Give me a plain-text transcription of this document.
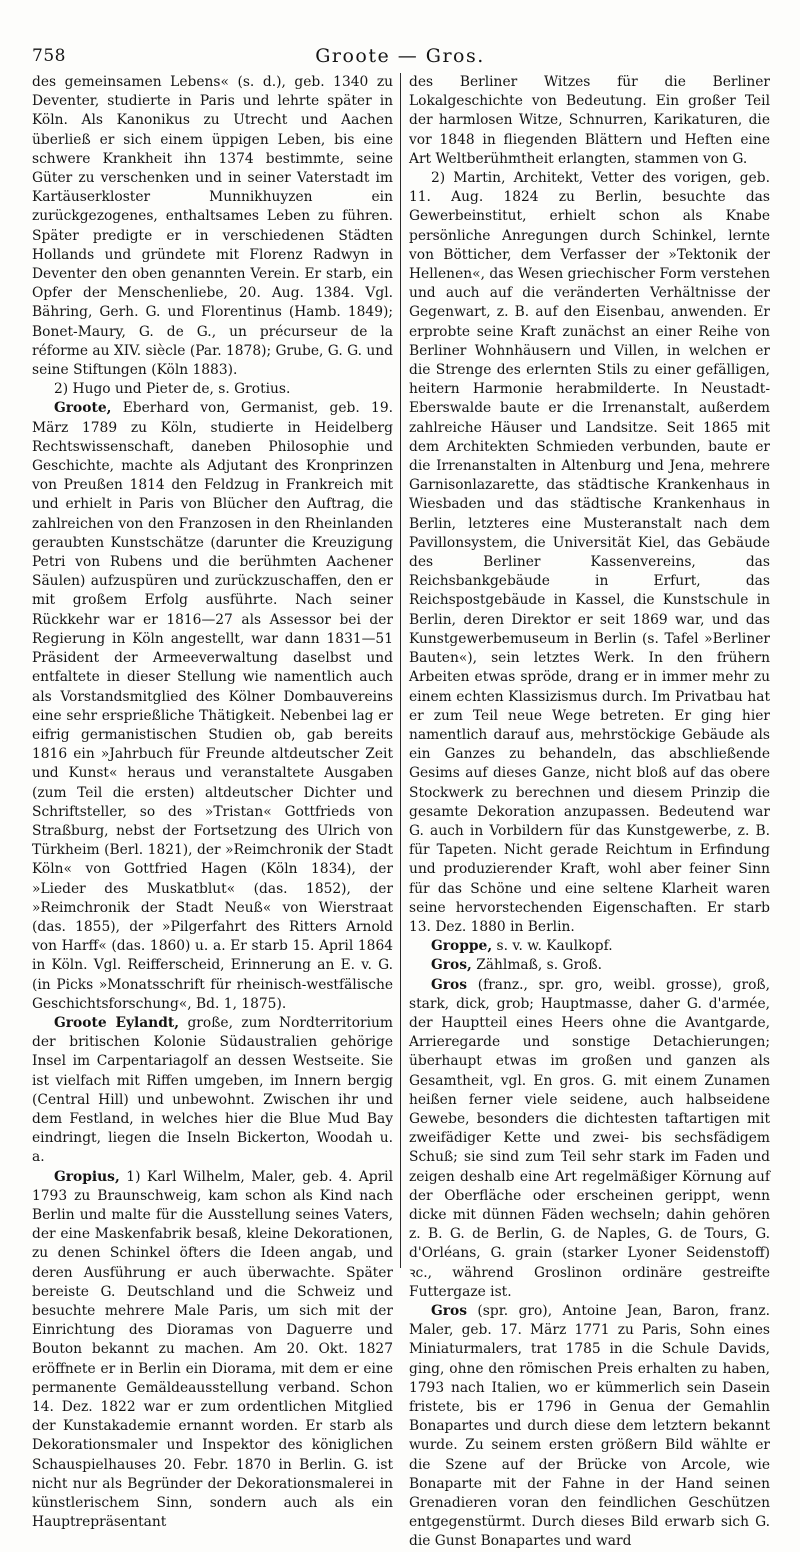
758	Groote — Gros.

des gemeinsamen Lebens« (s. d.), geb. 1340 zu Deventer, studierte in Paris und lehrte später in Köln. Als Kanonikus zu Utrecht und Aachen überließ er sich einem üppigen Leben, bis eine schwere Krankheit ihn 1374 bestimmte, seine Güter zu verschenken und in seiner Vaterstadt im Kartäuserkloster Munnikhuyzen ein zurückgezogenes, enthaltsames Leben zu führen. Später predigte er in verschiedenen Städten Hollands und gründete mit Florenz Radwyn in Deventer den oben genannten Verein. Er starb, ein Opfer der Menschenliebe, 20. Aug. 1384. Vgl. Bähring, Gerh. G. und Florentinus (Hamb. 1849); Bonet-Maury, G. de G., un précurseur de la réforme au XIV. siècle (Par. 1878); Grube, G. G. und seine Stiftungen (Köln 1883).

2) Hugo und Pieter de, s. Grotius.

Groote, Eberhard von, Germanist, geb. 19. März 1789 zu Köln, studierte in Heidelberg Rechtswissenschaft, daneben Philosophie und Geschichte, machte als Adjutant des Kronprinzen von Preußen 1814 den Feldzug in Frankreich mit und erhielt in Paris von Blücher den Auftrag, die zahlreichen von den Franzosen in den Rheinlanden geraubten Kunstschätze (darunter die Kreuzigung Petri von Rubens und die berühmten Aachener Säulen) aufzuspüren und zurückzuschaffen, den er mit großem Erfolg ausführte. Nach seiner Rückkehr war er 1816—27 als Assessor bei der Regierung in Köln angestellt, war dann 1831—51 Präsident der Armeeverwaltung daselbst und entfaltete in dieser Stellung wie namentlich auch als Vorstandsmitglied des Kölner Dombauvereins eine sehr ersprießliche Thätigkeit. Nebenbei lag er eifrig germanistischen Studien ob, gab bereits 1816 ein »Jahrbuch für Freunde altdeutscher Zeit und Kunst« heraus und veranstaltete Ausgaben (zum Teil die ersten) altdeutscher Dichter und Schriftsteller, so des »Tristan« Gottfrieds von Straßburg, nebst der Fortsetzung des Ulrich von Türkheim (Berl. 1821), der »Reimchronik der Stadt Köln« von Gottfried Hagen (Köln 1834), der »Lieder des Muskatblut« (das. 1852), der »Reimchronik der Stadt Neuß« von Wierstraat (das. 1855), der »Pilgerfahrt des Ritters Arnold von Harff« (das. 1860) u. a. Er starb 15. April 1864 in Köln. Vgl. Reifferscheid, Erinnerung an E. v. G. (in Picks »Monatsschrift für rheinisch-westfälische Geschichtsforschung«, Bd. 1, 1875).

Groote Eylandt, große, zum Nordterritorium der britischen Kolonie Südaustralien gehörige Insel im Carpentariagolf an dessen Westseite. Sie ist vielfach mit Riffen umgeben, im Innern bergig (Central Hill) und unbewohnt. Zwischen ihr und dem Festland, in welches hier die Blue Mud Bay eindringt, liegen die Inseln Bickerton, Woodah u. a.

Gropius, 1) Karl Wilhelm, Maler, geb. 4. April 1793 zu Braunschweig, kam schon als Kind nach Berlin und malte für die Ausstellung seines Vaters, der eine Maskenfabrik besaß, kleine Dekorationen, zu denen Schinkel öfters die Ideen angab, und deren Ausführung er auch überwachte. Später bereiste G. Deutschland und die Schweiz und besuchte mehrere Male Paris, um sich mit der Einrichtung des Dioramas von Daguerre und Bouton bekannt zu machen. Am 20. Okt. 1827 eröffnete er in Berlin ein Diorama, mit dem er eine permanente Gemäldeausstellung verband. Schon 14. Dez. 1822 war er zum ordentlichen Mitglied der Kunstakademie ernannt worden. Er starb als Dekorationsmaler und Inspektor des königlichen Schauspielhauses 20. Febr. 1870 in Berlin. G. ist nicht nur als Begründer der Dekorationsmalerei in künstlerischem Sinn, sondern auch als ein Hauptrepräsentant

des Berliner Witzes für die Berliner Lokalgeschichte von Bedeutung. Ein großer Teil der harmlosen Witze, Schnurren, Karikaturen, die vor 1848 in fliegenden Blättern und Heften eine Art Weltberühmtheit erlangten, stammen von G.

2) Martin, Architekt, Vetter des vorigen, geb. 11. Aug. 1824 zu Berlin, besuchte das Gewerbeinstitut, erhielt schon als Knabe persönliche Anregungen durch Schinkel, lernte von Bötticher, dem Verfasser der »Tektonik der Hellenen«, das Wesen griechischer Form verstehen und auch auf die veränderten Verhältnisse der Gegenwart, z. B. auf den Eisenbau, anwenden. Er erprobte seine Kraft zunächst an einer Reihe von Berliner Wohnhäusern und Villen, in welchen er die Strenge des erlernten Stils zu einer gefälligen, heitern Harmonie herabmilderte. In Neustadt-Eberswalde baute er die Irrenanstalt, außerdem zahlreiche Häuser und Landsitze. Seit 1865 mit dem Architekten Schmieden verbunden, baute er die Irrenanstalten in Altenburg und Jena, mehrere Garnisonlazarette, das städtische Krankenhaus in Wiesbaden und das städtische Krankenhaus in Berlin, letzteres eine Musteranstalt nach dem Pavillonsystem, die Universität Kiel, das Gebäude des Berliner Kassenvereins, das Reichsbankgebäude in Erfurt, das Reichspostgebäude in Kassel, die Kunstschule in Berlin, deren Direktor er seit 1869 war, und das Kunstgewerbemuseum in Berlin (s. Tafel »Berliner Bauten«), sein letztes Werk. In den frühern Arbeiten etwas spröde, drang er in immer mehr zu einem echten Klassizismus durch. Im Privatbau hat er zum Teil neue Wege betreten. Er ging hier namentlich darauf aus, mehrstöckige Gebäude als ein Ganzes zu behandeln, das abschließende Gesims auf dieses Ganze, nicht bloß auf das obere Stockwerk zu berechnen und diesem Prinzip die gesamte Dekoration anzupassen. Bedeutend war G. auch in Vorbildern für das Kunstgewerbe, z. B. für Tapeten. Nicht gerade Reichtum in Erfindung und produzierender Kraft, wohl aber feiner Sinn für das Schöne und eine seltene Klarheit waren seine hervorstechenden Eigenschaften. Er starb 13. Dez. 1880 in Berlin.

Groppe, s. v. w. Kaulkopf.

Gros, Zählmaß, s. Groß.

Gros (franz., spr. gro, weibl. grosse), groß, stark, dick, grob; Hauptmasse, daher G. d'armée, der Hauptteil eines Heers ohne die Avantgarde, Arrieregarde und sonstige Detachierungen; überhaupt etwas im großen und ganzen als Gesamtheit, vgl. En gros. G. mit einem Zunamen heißen ferner viele seidene, auch halbseidene Gewebe, besonders die dichtesten taftartigen mit zweifädiger Kette und zwei- bis sechsfädigem Schuß; sie sind zum Teil sehr stark im Faden und zeigen deshalb eine Art regelmäßiger Körnung auf der Oberfläche oder erscheinen gerippt, wenn dicke mit dünnen Fäden wechseln; dahin gehören z. B. G. de Berlin, G. de Naples, G. de Tours, G. d'Orléans, G. grain (starker Lyoner Seidenstoff) ꝛc., während Groslinon ordinäre gestreifte Futtergaze ist.

Gros (spr. gro), Antoine Jean, Baron, franz. Maler, geb. 17. März 1771 zu Paris, Sohn eines Miniaturmalers, trat 1785 in die Schule Davids, ging, ohne den römischen Preis erhalten zu haben, 1793 nach Italien, wo er kümmerlich sein Dasein fristete, bis er 1796 in Genua der Gemahlin Bonapartes und durch diese dem letztern bekannt wurde. Zu seinem ersten größern Bild wählte er die Szene auf der Brücke von Arcole, wie Bonaparte mit der Fahne in der Hand seinen Grenadieren voran den feindlichen Geschützen entgegenstürmt. Durch dieses Bild erwarb sich G. die Gunst Bonapartes und ward
